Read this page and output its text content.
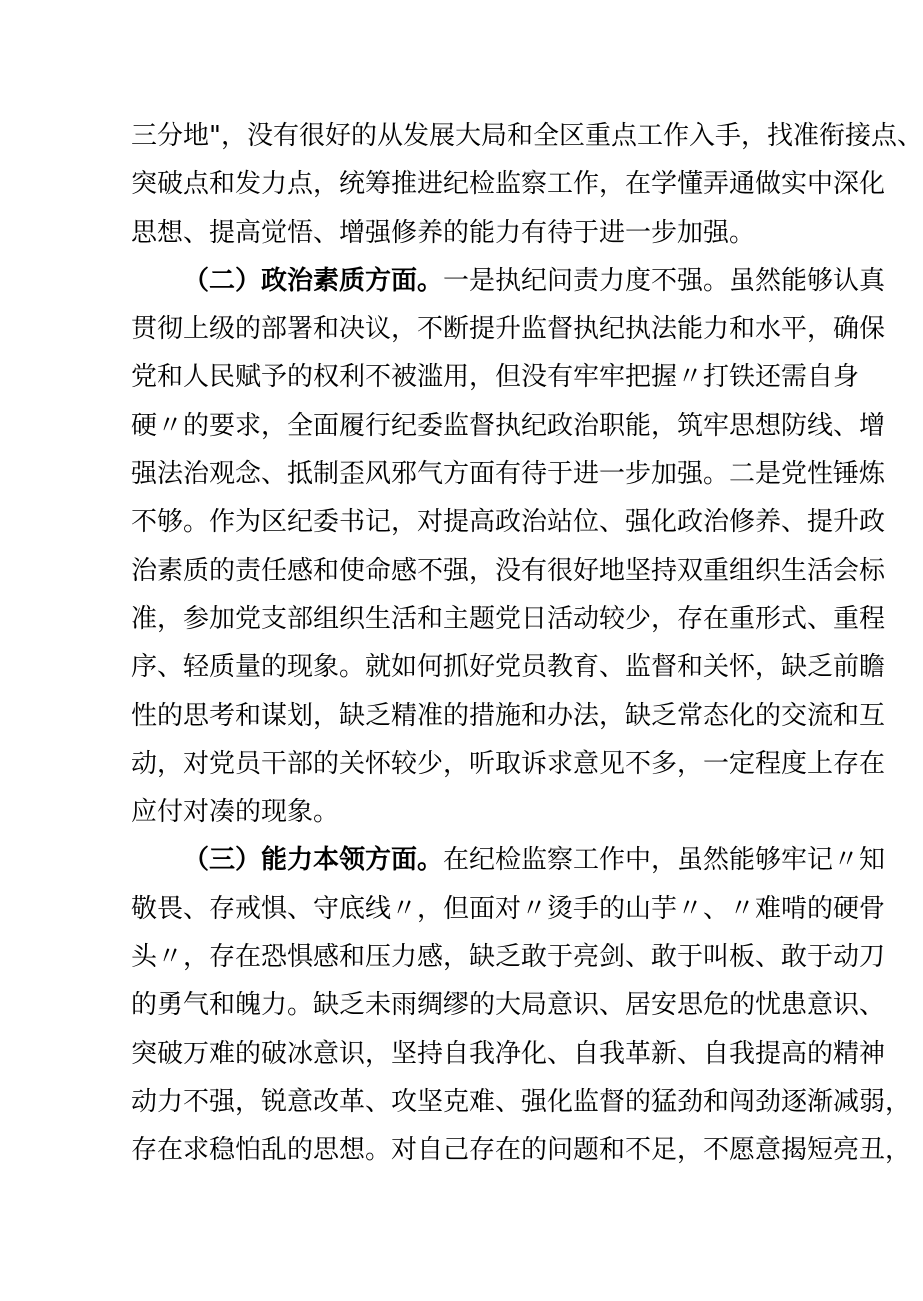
三分地"，没有很好的从发展大局和全区重点工作入手，找准衔接点、
突破点和发力点，统筹推进纪检监察工作，在学懂弄通做实中深化
思想、提高觉悟、增强修养的能力有待于进一步加强。
（二）政治素质方面。一是执纪问责力度不强。虽然能够认真
贯彻上级的部署和决议，不断提升监督执纪执法能力和水平，确保
党和人民赋予的权利不被滥用，但没有牢牢把握〃打铁还需自身
硬〃的要求，全面履行纪委监督执纪政治职能，筑牢思想防线、增
强法治观念、抵制歪风邪气方面有待于进一步加强。二是党性锤炼
不够。作为区纪委书记，对提高政治站位、强化政治修养、提升政
治素质的责任感和使命感不强，没有很好地坚持双重组织生活会标
准，参加党支部组织生活和主题党日活动较少，存在重形式、重程
序、轻质量的现象。就如何抓好党员教育、监督和关怀，缺乏前瞻
性的思考和谋划，缺乏精准的措施和办法，缺乏常态化的交流和互
动，对党员干部的关怀较少，听取诉求意见不多，一定程度上存在
应付对凑的现象。
（三）能力本领方面。在纪检监察工作中，虽然能够牢记〃知
敬畏、存戒惧、守底线〃，但面对〃烫手的山芋〃、〃难啃的硬骨
头〃，存在恐惧感和压力感，缺乏敢于亮剑、敢于叫板、敢于动刀
的勇气和魄力。缺乏未雨绸缪的大局意识、居安思危的忧患意识、
突破万难的破冰意识，坚持自我净化、自我革新、自我提高的精神
动力不强，锐意改革、攻坚克难、强化监督的猛劲和闯劲逐渐减弱，
存在求稳怕乱的思想。对自己存在的问题和不足，不愿意揭短亮丑，
